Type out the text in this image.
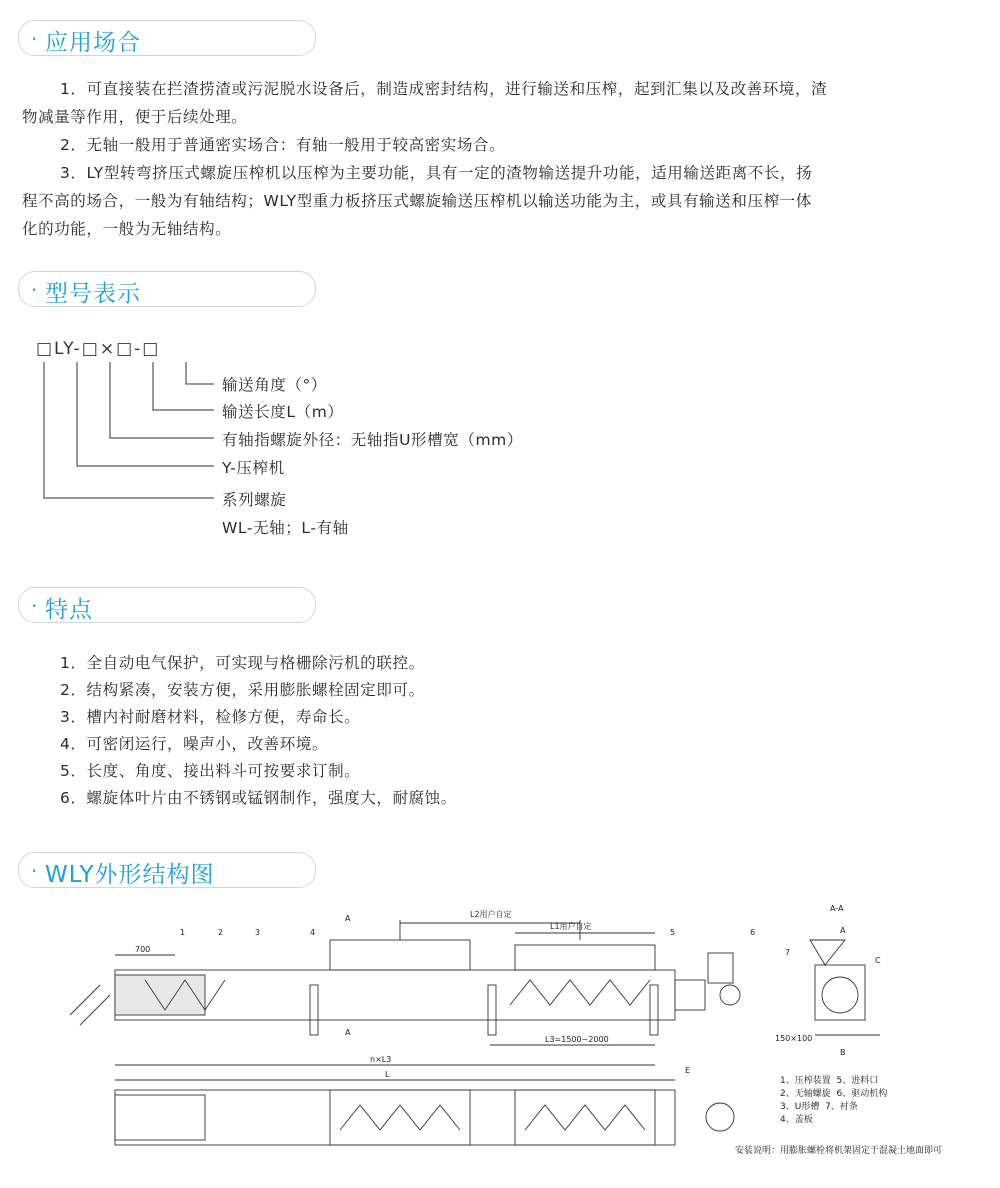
· 应用场合

1．可直接装在拦渣捞渣或污泥脱水设备后，制造成密封结构，进行输送和压榨，起到汇集以及改善环境，渣

物减量等作用，便于后续处理。

2．无轴一般用于普通密实场合：有轴一般用于较高密实场合。

3．LY型转弯挤压式螺旋压榨机以压榨为主要功能，具有一定的渣物输送提升功能，适用输送距离不长，扬

程不高的场合，一般为有轴结构；WLY型重力板挤压式螺旋输送压榨机以输送功能为主，或具有输送和压榨一体

化的功能，一般为无轴结构。

· 型号表示
□LY-□×□-□
输送角度（°）
输送长度L（m）
有轴指螺旋外径：无轴指U形槽宽（mm）
Y-压榨机
系列螺旋
WL-无轴；L-有轴
· 特点
1．全自动电气保护，可实现与格栅除污机的联控。
2．结构紧凑，安装方便，采用膨胀螺栓固定即可。
3．槽内衬耐磨材料，检修方便，寿命长。
4．可密闭运行，噪声小，改善环境。
5．长度、角度、接出料斗可按要求订制。
6．螺旋体叶片由不锈钢或锰钢制作，强度大，耐腐蚀。
· WLY外形结构图
L2用户自定
L1用户自定
700
L3=1500~2000
n×L3
L	E
A
A
A-A
A
B
C
150×100
1	2	3	4	5	6
7
1、压榨装置 5、进料口
2、无轴螺旋 6、驱动机构
3、U形槽 7、衬条
4、盖板
安装说明：用膨胀螺栓将机架固定于混凝土地面即可
